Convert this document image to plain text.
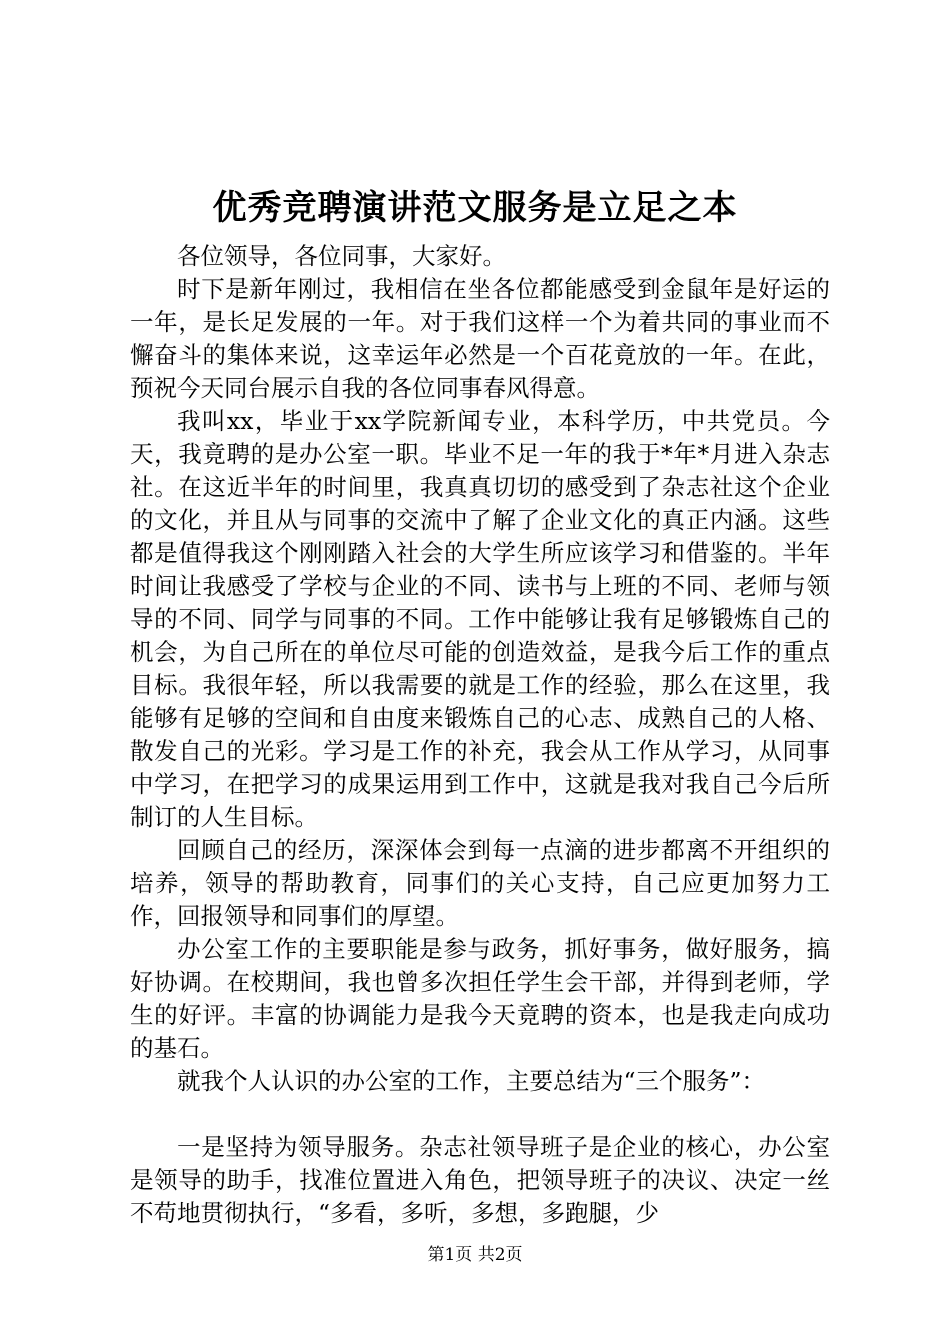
优秀竞聘演讲范文服务是立足之本

各位领导，各位同事，大家好。

时下是新年刚过，我相信在坐各位都能感受到金鼠年是好运的一年，是长足发展的一年。对于我们这样一个为着共同的事业而不懈奋斗的集体来说，这幸运年必然是一个百花竟放的一年。在此，预祝今天同台展示自我的各位同事春风得意。

我叫xx，毕业于xx学院新闻专业，本科学历，中共党员。今天，我竟聘的是办公室一职。毕业不足一年的我于*年*月进入杂志社。在这近半年的时间里，我真真切切的感受到了杂志社这个企业的文化，并且从与同事的交流中了解了企业文化的真正内涵。这些都是值得我这个刚刚踏入社会的大学生所应该学习和借鉴的。半年时间让我感受了学校与企业的不同、读书与上班的不同、老师与领导的不同、同学与同事的不同。工作中能够让我有足够锻炼自己的机会，为自己所在的单位尽可能的创造效益，是我今后工作的重点目标。我很年轻，所以我需要的就是工作的经验，那么在这里，我能够有足够的空间和自由度来锻炼自己的心志、成熟自己的人格、散发自己的光彩。学习是工作的补充，我会从工作从学习，从同事中学习，在把学习的成果运用到工作中，这就是我对我自己今后所制订的人生目标。

回顾自己的经历，深深体会到每一点滴的进步都离不开组织的培养，领导的帮助教育，同事们的关心支持，自己应更加努力工作，回报领导和同事们的厚望。

办公室工作的主要职能是参与政务，抓好事务，做好服务，搞好协调。在校期间，我也曾多次担任学生会干部，并得到老师，学生的好评。丰富的协调能力是我今天竟聘的资本，也是我走向成功的基石。

就我个人认识的办公室的工作，主要总结为“三个服务”：

一是坚持为领导服务。杂志社领导班子是企业的核心，办公室是领导的助手，找准位置进入角色，把领导班子的决议、决定一丝不苟地贯彻执行，“多看，多听，多想，多跑腿，少

第1页 共2页
